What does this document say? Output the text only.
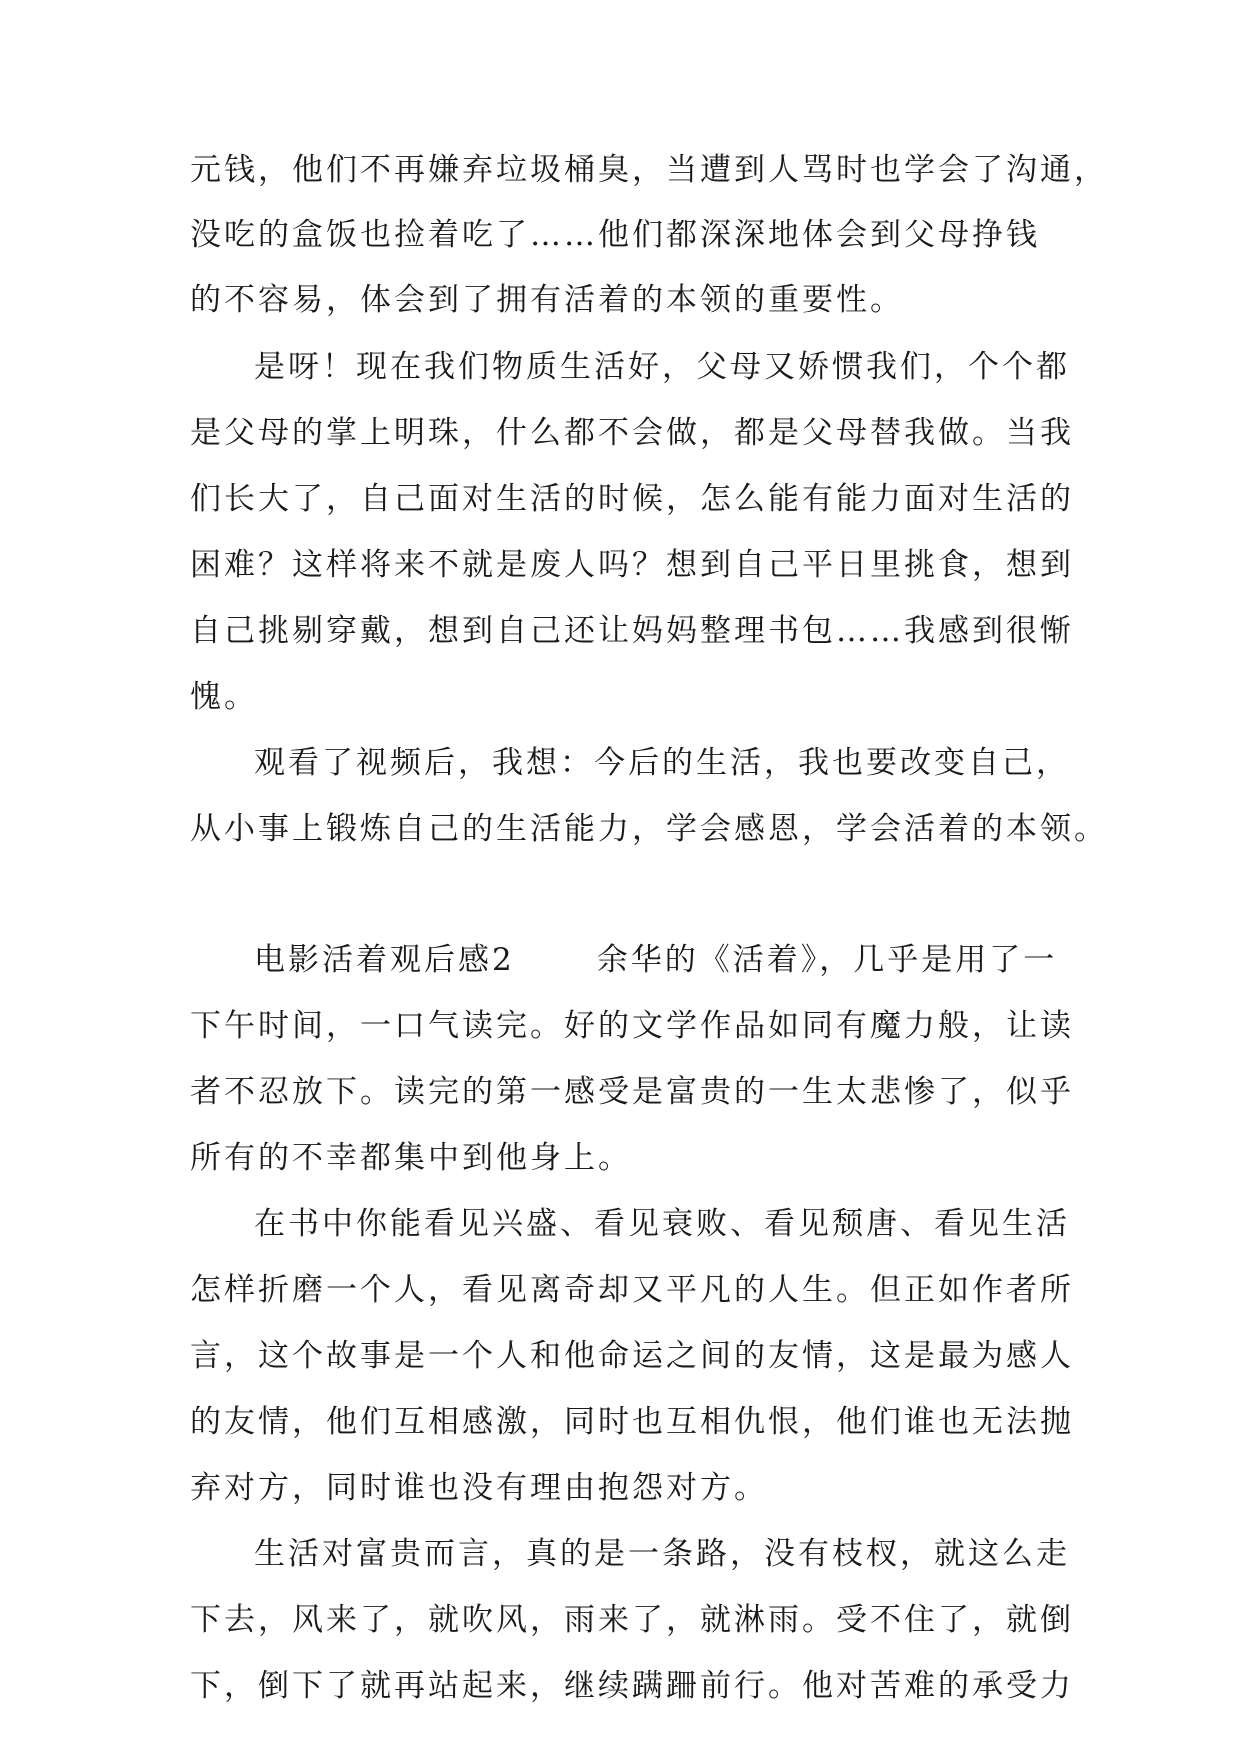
元钱，他们不再嫌弃垃圾桶臭，当遭到人骂时也学会了沟通，
没吃的盒饭也捡着吃了……他们都深深地体会到父母挣钱
的不容易，体会到了拥有活着的本领的重要性。
是呀！现在我们物质生活好，父母又娇惯我们，个个都
是父母的掌上明珠，什么都不会做，都是父母替我做。当我
们长大了，自己面对生活的时候，怎么能有能力面对生活的
困难？这样将来不就是废人吗？想到自己平日里挑食，想到
自己挑剔穿戴，想到自己还让妈妈整理书包……我感到很惭
愧。
观看了视频后，我想：今后的生活，我也要改变自己，
从小事上锻炼自己的生活能力，学会感恩，学会活着的本领。
电影活着观后感2	余华的《活着》，几乎是用了一
下午时间，一口气读完。好的文学作品如同有魔力般，让读
者不忍放下。读完的第一感受是富贵的一生太悲惨了，似乎
所有的不幸都集中到他身上。
在书中你能看见兴盛、看见衰败、看见颓唐、看见生活
怎样折磨一个人，看见离奇却又平凡的人生。但正如作者所
言，这个故事是一个人和他命运之间的友情，这是最为感人
的友情，他们互相感激，同时也互相仇恨，他们谁也无法抛
弃对方，同时谁也没有理由抱怨对方。
生活对富贵而言，真的是一条路，没有枝杈，就这么走
下去，风来了，就吹风，雨来了，就淋雨。受不住了，就倒
下，倒下了就再站起来，继续蹒跚前行。他对苦难的承受力
